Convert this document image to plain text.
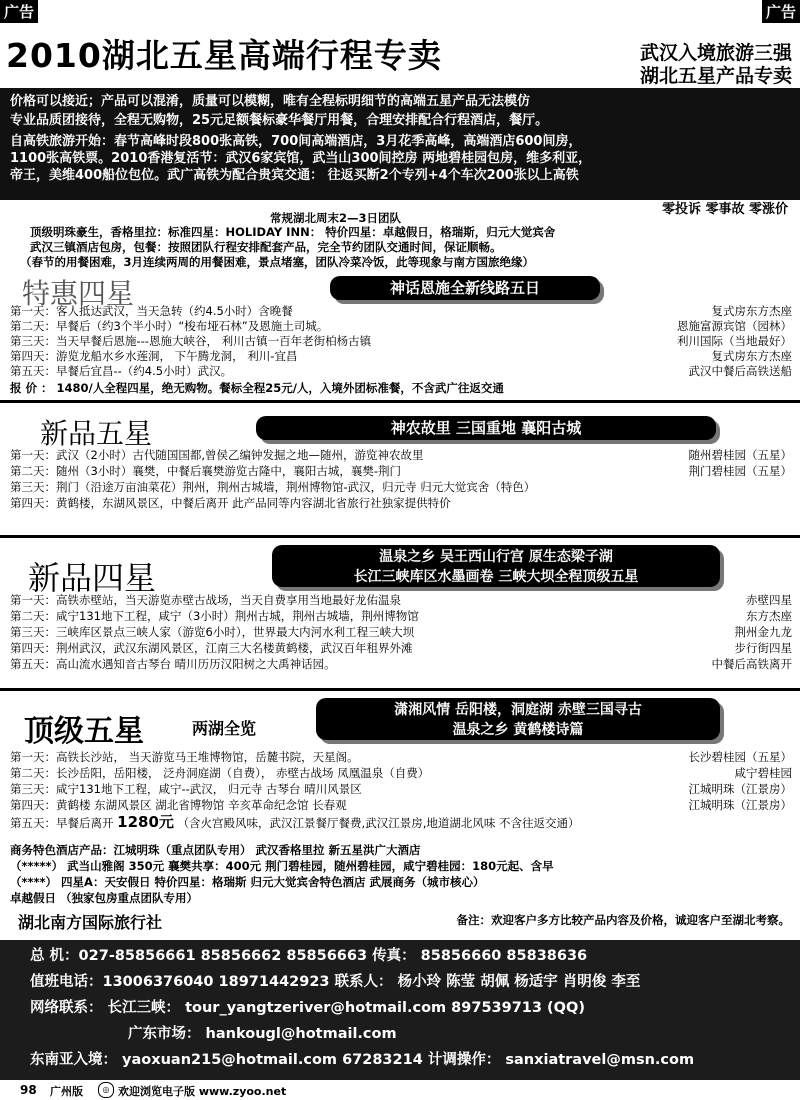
广告	广告
2010湖北五星高端行程专卖	武汉入境旅游三强
湖北五星产品专卖
价格可以接近；产品可以混淆，质量可以模糊，唯有全程标明细节的高端五星产品无法模仿
专业品质团接待，全程无购物，25元足额餐标豪华餐厅用餐，合理安排配合行程酒店，餐厅。
自高铁旅游开始：春节高峰时段800张高铁，700间高端酒店，3月花季高峰，高端酒店600间房，
1100张高铁票。2010香港复活节：武汉6家宾馆，武当山300间控房 两地碧桂园包房，维多利亚，
帝王，美维400船位包位。武广高铁为配合贵宾交通： 往返买断2个专列+4个车次200张以上高铁
零投诉 零事故 零涨价
常规湖北周末2—3日团队
顶级明珠豪生，香格里拉：标准四星：HOLIDAY INN： 特价四星：卓越假日，格瑞斯，归元大觉宾舍
武汉三镇酒店包房，包餐：按照团队行程安排配套产品，完全节约团队交通时间，保证顺畅。
（春节的用餐困难，3月连续两周的用餐困难，景点堵塞，团队冷菜冷饭，此等现象与南方国旅绝缘）
特惠四星	神话恩施全新线路五日
第一天：客人抵达武汉，当天急转（约4.5小时）含晚餐	复式房东方杰座
第二天：早餐后（约3个半小时）“梭布垭石林”及恩施土司城。	恩施富源宾馆（园林）
第三天：当天早餐后恩施---恩施大峡谷， 利川古镇一百年老街柏杨古镇	利川国际（当地最好）
第四天：游览龙船水乡水莲洞， 下午腾龙洞， 利川-宜昌	复式房东方杰座
第五天：早餐后宜昌--（约4.5小时）武汉。	武汉中餐后高铁送船
报 价 ： 1480/人全程四星，绝无购物。餐标全程25元/人，入境外团标准餐，不含武广往返交通
新品五星	神农故里 三国重地 襄阳古城
第一天：武汉（2小时）古代随国国都,曾侯乙编钟发掘之地—随州，游览神农故里	随州碧桂园（五星）
第二天：随州（3小时）襄樊，中餐后襄樊游览古隆中，襄阳古城，襄樊-荆门	荆门碧桂园（五星）
第三天：荆门（沿途万亩油菜花）荆州，荆州古城墙，荆州博物馆-武汉，归元寺 归元大觉宾舍（特色）
第四天：黄鹤楼，东湖风景区，中餐后离开 此产品同等内容湖北省旅行社独家提供特价
新品四星
温泉之乡 吴王西山行宫 原生态梁子湖
长江三峡库区水墨画卷 三峡大坝全程顶级五星
第一天：高铁赤壁站，当天游览赤壁古战场，当天自费享用当地最好龙佑温泉	赤壁四星
第二天：咸宁131地下工程，咸宁（3小时）荆州古城，荆州古城墙，荆州博物馆	东方杰座
第三天：三峡库区景点三峡人家（游览6小时），世界最大内河水利工程三峡大坝	荆州金九龙
第四天：荆州武汉，武汉东湖风景区，江南三大名楼黄鹤楼，武汉百年租界外滩	步行街四星
第五天：高山流水遇知音古琴台 晴川历历汉阳树之大禹神话园。	中餐后高铁离开
顶级五星	两湖全览
潇湘风情 岳阳楼，洞庭湖 赤壁三国寻古
温泉之乡 黄鹤楼诗篇
第一天：高铁长沙站， 当天游览马王堆博物馆，岳麓书院，天星阁。	长沙碧桂园（五星）
第二天：长沙岳阳，岳阳楼， 泛舟洞庭湖（自费）， 赤壁古战场 凤凰温泉（自费）	咸宁碧桂园
第三天：咸宁131地下工程，咸宁--武汉， 归元寺 古琴台 晴川风景区	江城明珠（江景房）
第四天：黄鹤楼 东湖风景区 湖北省博物馆 辛亥革命纪念馆 长春观	江城明珠（江景房）
第五天：早餐后离开 1280元 （含火宫殿风味，武汉江景餐厅餐费,武汉江景房,地道湖北风味 不含往返交通）
商务特色酒店产品：江城明珠（重点团队专用） 武汉香格里拉 新五星洪广大酒店
（*****） 武当山雅阁 350元 襄樊共享：400元 荆门碧桂园，随州碧桂园，咸宁碧桂园：180元起、含早
（****） 四星A：天安假日 特价四星：格瑞斯 归元大觉宾舍特色酒店 武展商务（城市核心）
卓越假日 （独家包房重点团队专用）
湖北南方国际旅行社	备注：欢迎客户多方比较产品内容及价格，诚迎客户至湖北考察。
总 机：027-85856661 85856662 85856663 传真： 85856660 85838636
值班电话：13006376040 18971442923 联系人： 杨小玲 陈莹 胡佩 杨适宇 肖明俊 李至
网络联系： 长江三峡： tour_yangtzeriver@hotmail.com 897539713 (QQ)
广东市场： hankougl@hotmail.com
东南亚入境： yaoxuan215@hotmail.com 67283214 计调操作： sanxiatravel@msn.com
98 广州版	◎ 欢迎浏览电子版 www.zyoo.net
